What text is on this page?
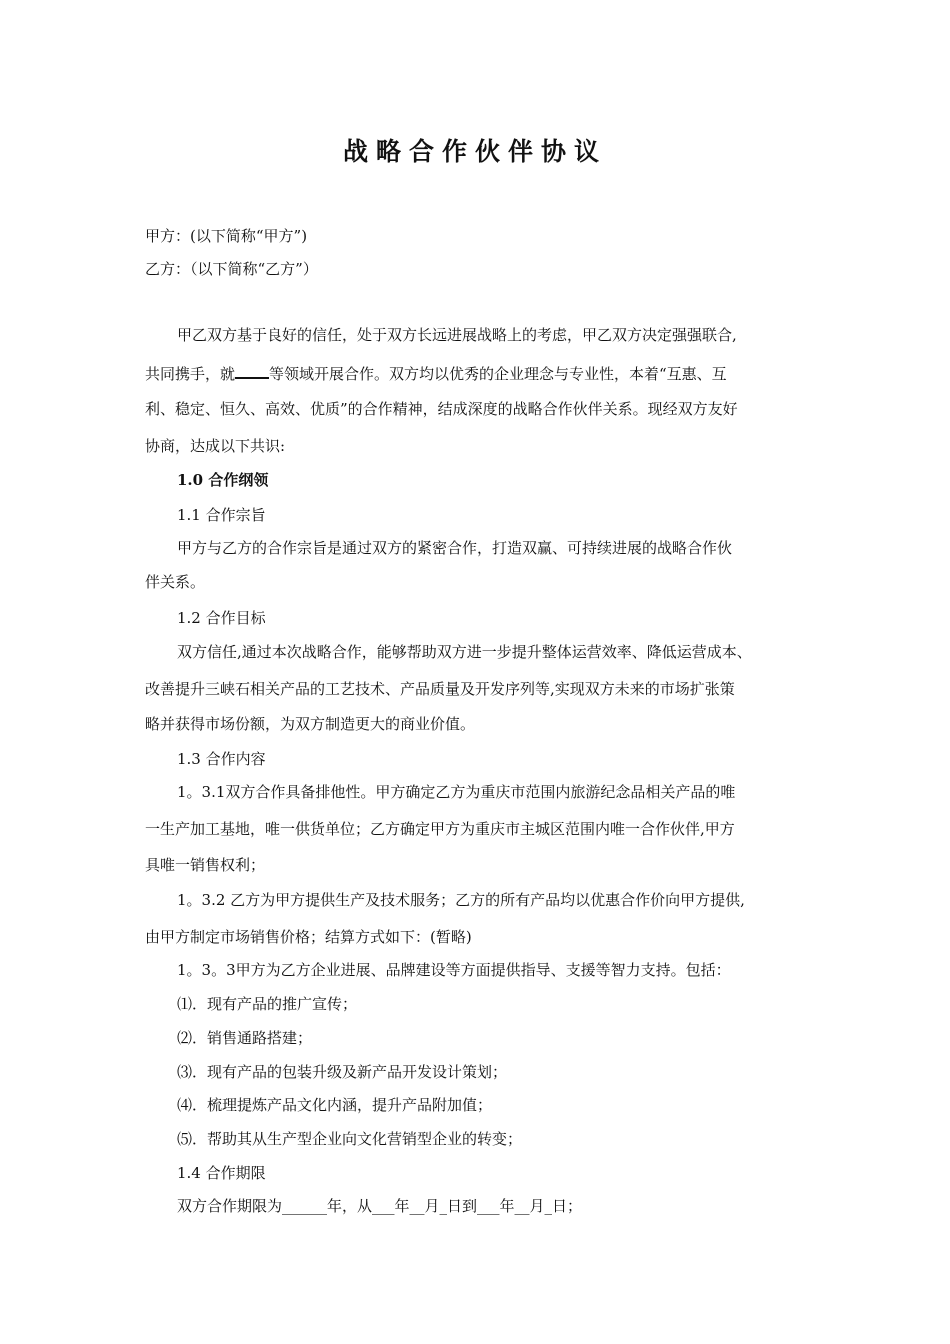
战略合作伙伴协议
甲方：(以下简称“甲方”)
乙方：（以下简称“乙方”）
甲乙双方基于良好的信任，处于双方长远进展战略上的考虑，甲乙双方决定强强联合,
共同携手，就 等领域开展合作。双方均以优秀的企业理念与专业性，本着“互惠、互
利、稳定、恒久、高效、优质”的合作精神，结成深度的战略合作伙伴关系。现经双方友好
协商，达成以下共识:
1.0 合作纲领
1.1 合作宗旨
甲方与乙方的合作宗旨是通过双方的紧密合作，打造双赢、可持续进展的战略合作伙
伴关系。
1.2 合作目标
双方信任,通过本次战略合作，能够帮助双方进一步提升整体运营效率、降低运营成本、
改善提升三峡石相关产品的工艺技术、产品质量及开发序列等,实现双方未来的市场扩张策
略并获得市场份额，为双方制造更大的商业价值。
1.3 合作内容
1。3.1双方合作具备排他性。甲方确定乙方为重庆市范围内旅游纪念品相关产品的唯
一生产加工基地，唯一供货单位；乙方确定甲方为重庆市主城区范围内唯一合作伙伴,甲方
具唯一销售权利；
1。3.2 乙方为甲方提供生产及技术服务；乙方的所有产品均以优惠合作价向甲方提供,
由甲方制定市场销售价格；结算方式如下：(暂略)
1。3。3甲方为乙方企业进展、品牌建设等方面提供指导、支援等智力支持。包括：
⑴．现有产品的推广宣传；
⑵．销售通路搭建；
⑶．现有产品的包装升级及新产品开发设计策划；
⑷．梳理提炼产品文化内涵，提升产品附加值；
⑸．帮助其从生产型企业向文化营销型企业的转变；
1.4 合作期限
双方合作期限为______年，从___年__月_日到___年__月_日；
